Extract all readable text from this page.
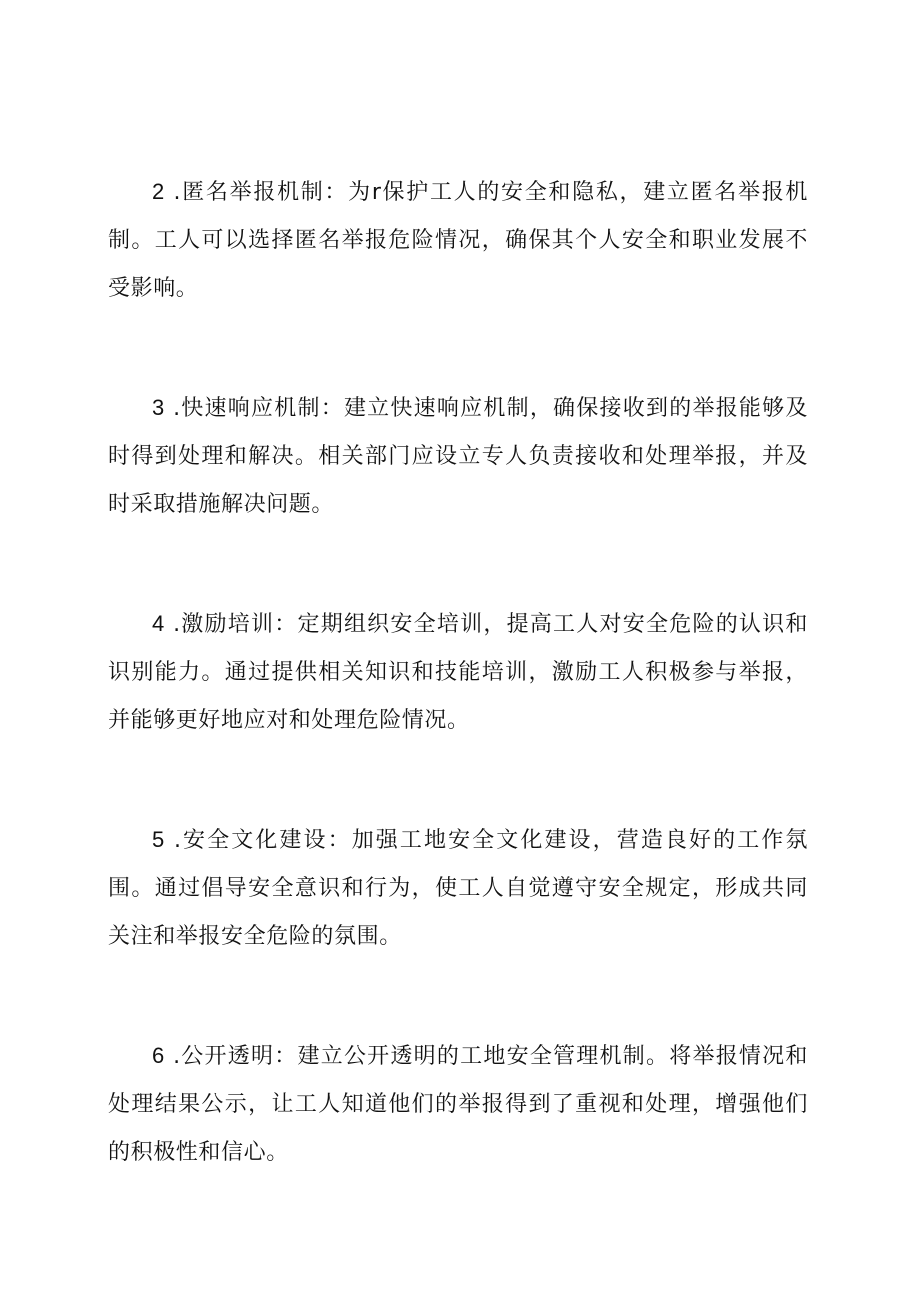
2 .匿名举报机制：为r保护工人的安全和隐私，建立匿名举报机制。工人可以选择匿名举报危险情况，确保其个人安全和职业发展不受影响。

3 .快速响应机制：建立快速响应机制，确保接收到的举报能够及时得到处理和解决。相关部门应设立专人负责接收和处理举报，并及时采取措施解决问题。

4 .激励培训：定期组织安全培训，提高工人对安全危险的认识和识别能力。通过提供相关知识和技能培训，激励工人积极参与举报，并能够更好地应对和处理危险情况。

5 .安全文化建设：加强工地安全文化建设，营造良好的工作氛围。通过倡导安全意识和行为，使工人自觉遵守安全规定，形成共同关注和举报安全危险的氛围。

6 .公开透明：建立公开透明的工地安全管理机制。将举报情况和处理结果公示，让工人知道他们的举报得到了重视和处理，增强他们的积极性和信心。
